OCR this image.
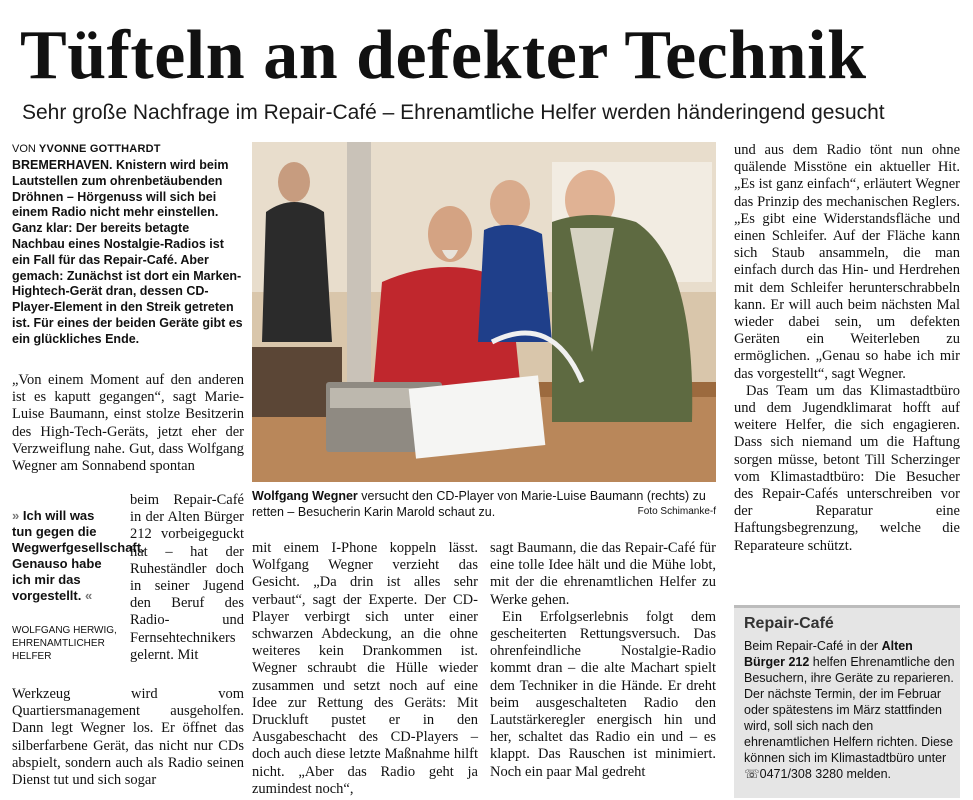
Tüfteln an defekter Technik
Sehr große Nachfrage im Repair-Café – Ehrenamtliche Helfer werden händeringend gesucht
VON YVONNE GOTTHARDT
BREMERHAVEN. Knistern wird beim Lautstellen zum ohrenbetäubenden Dröhnen – Hörgenuss will sich bei einem Radio nicht mehr einstellen. Ganz klar: Der bereits betagte Nachbau eines Nostalgie-Radios ist ein Fall für das Repair-Café. Aber gemach: Zunächst ist dort ein Marken-Hightech-Gerät dran, dessen CD-Player-Element in den Streik getreten ist. Für eines der beiden Geräte gibt es ein glückliches Ende.
„Von einem Moment auf den anderen ist es kaputt gegangen“, sagt Marie-Luise Baumann, einst stolze Besitzerin des High-Tech-Geräts, jetzt eher der Verzweiflung nahe. Gut, dass Wolfgang Wegner am Sonnabend spontan
» Ich will was tun gegen die Wegwerfgesellschaft. Genauso habe ich mir das vorgestellt. «
WOLFGANG HERWIG, EHRENAMTLICHER HELFER
beim Repair-Café in der Alten Bürger 212 vorbeigeguckt hat – hat der Ruheständler doch in seiner Jugend den Beruf des Radio- und Fernsehtechnikers gelernt. Mit
Werkzeug wird vom Quartiersmanagement ausgeholfen. Dann legt Wegner los. Er öffnet das silberfarbene Gerät, das nicht nur CDs abspielt, sondern auch als Radio seinen Dienst tut und sich sogar
Wolfgang Wegner versucht den CD-Player von Marie-Luise Baumann (rechts) zu retten – Besucherin Karin Marold schaut zu.	Foto Schimanke-f
mit einem I-Phone koppeln lässt. Wolfgang Wegner verzieht das Gesicht. „Da drin ist alles sehr verbaut“, sagt der Experte. Der CD-Player verbirgt sich unter einer schwarzen Abdeckung, an die ohne weiteres kein Drankommen ist. Wegner schraubt die Hülle wieder zusammen und setzt noch auf eine Idee zur Rettung des Geräts: Mit Druckluft pustet er in den Ausgabeschacht des CD-Players – doch auch diese letzte Maßnahme hilft nicht. „Aber das Radio geht ja zumindest noch“,
sagt Baumann, die das Repair-Café für eine tolle Idee hält und die Mühe lobt, mit der die ehrenamtlichen Helfer zu Werke gehen.
Ein Erfolgserlebnis folgt dem gescheiterten Rettungsversuch. Das ohrenfeindliche Nostalgie-Radio kommt dran – die alte Machart spielt dem Techniker in die Hände. Er dreht beim ausgeschalteten Radio den Lautstärkeregler energisch hin und her, schaltet das Radio ein und – es klappt. Das Rauschen ist minimiert. Noch ein paar Mal gedreht
und aus dem Radio tönt nun ohne quälende Misstöne ein aktueller Hit. „Es ist ganz einfach“, erläutert Wegner das Prinzip des mechanischen Reglers. „Es gibt eine Widerstandsfläche und einen Schleifer. Auf der Fläche kann sich Staub ansammeln, die man einfach durch das Hin- und Herdrehen mit dem Schleifer herunterschrabbeln kann. Er will auch beim nächsten Mal wieder dabei sein, um defekten Geräten ein Weiterleben zu ermöglichen. „Genau so habe ich mir das vorgestellt“, sagt Wegner.
Das Team um das Klimastadtbüro und dem Jugendklimarat hofft auf weitere Helfer, die sich engagieren. Dass sich niemand um die Haftung sorgen müsse, betont Till Scherzinger vom Klimastadtbüro: Die Besucher des Repair-Cafés unterschreiben vor der Reparatur eine Haftungsbegrenzung, welche die Reparateure schützt.
Repair-Café
Beim Repair-Café in der Alten Bürger 212 helfen Ehrenamtliche den Besuchern, ihre Geräte zu reparieren. Der nächste Termin, der im Februar oder spätestens im März stattfinden wird, soll sich nach den ehrenamtlichen Helfern richten. Diese können sich im Klimastadtbüro unter ☏0471/308 3280 melden.
